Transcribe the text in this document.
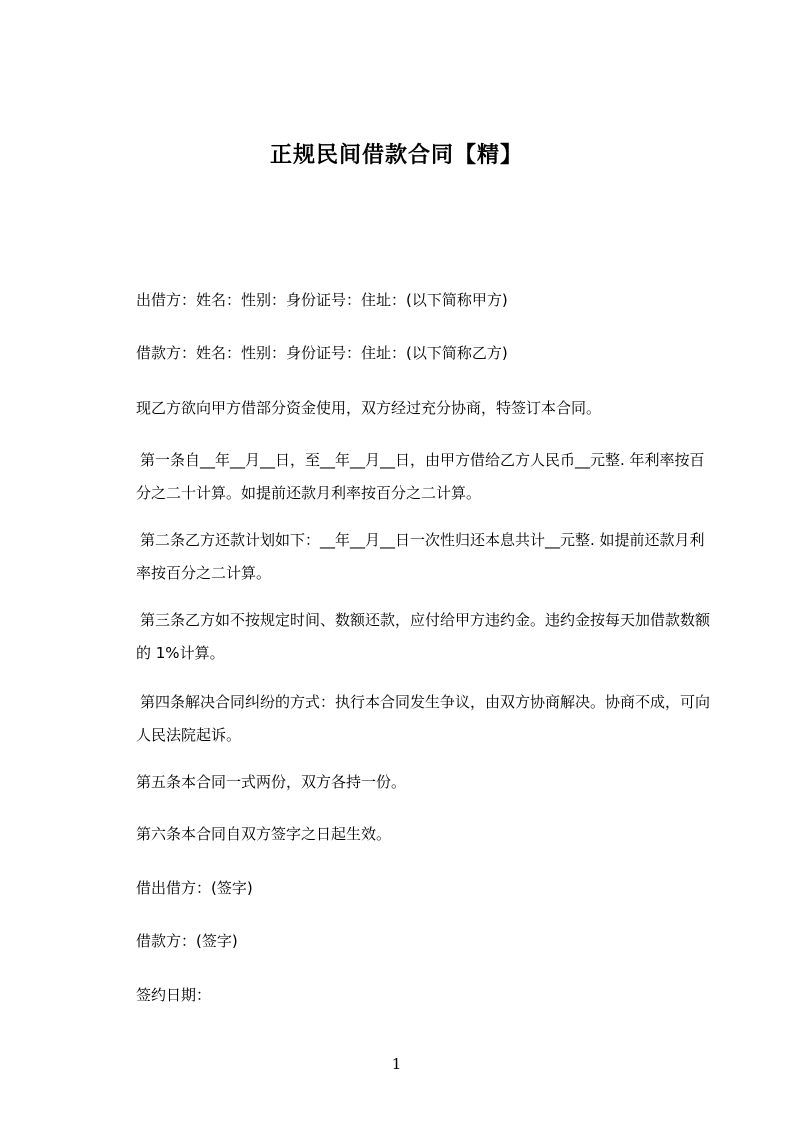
正规民间借款合同【精】

出借方：姓名：性别：身份证号：住址：(以下简称甲方)

借款方：姓名：性别：身份证号：住址：(以下简称乙方)

现乙方欲向甲方借部分资金使用，双方经过充分协商，特签订本合同。

第一条自__年__月__日，至__年__月__日，由甲方借给乙方人民币__元整. 年利率按百分之二十计算。如提前还款月利率按百分之二计算。

第二条乙方还款计划如下：__年__月__日一次性归还本息共计__元整. 如提前还款月利率按百分之二计算。

第三条乙方如不按规定时间、数额还款，应付给甲方违约金。违约金按每天加借款数额的 1%计算。

第四条解决合同纠纷的方式：执行本合同发生争议，由双方协商解决。协商不成，可向人民法院起诉。

第五条本合同一式两份，双方各持一份。

第六条本合同自双方签字之日起生效。

借出借方：(签字)

借款方：(签字)

签约日期：

1
